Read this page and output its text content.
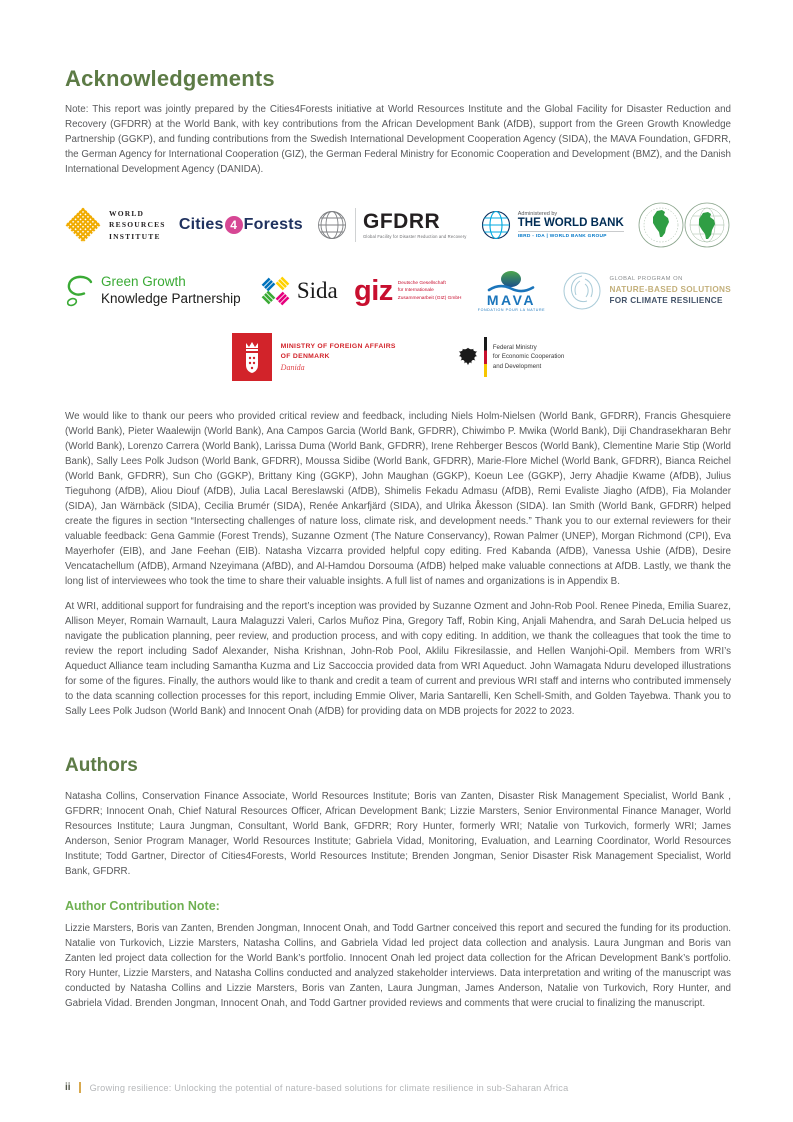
Acknowledgements

Note: This report was jointly prepared by the Cities4Forests initiative at World Resources Institute and the Global Facility for Disaster Reduction and Recovery (GFDRR) at the World Bank, with key contributions from the African Development Bank (AfDB), support from the Green Growth Knowledge Partnership (GGKP), and funding contributions from the Swedish International Development Cooperation Agency (SIDA), the MAVA Foundation, GFDRR, the German Agency for International Cooperation (GIZ), the German Federal Ministry for Economic Cooperation and Development (BMZ), and the Danish International Development Agency (DANIDA).

WORLD
RESOURCES
INSTITUTE
Cities 4 Forests	GFDRR
Global Facility for Disaster Reduction and Recovery
Administered by
THE WORLD BANK
IBRD - IDA | WORLD BANK GROUP
Green Growth
Knowledge Partnership Sida giz Deutsche Gesellschaft
für Internationale
Zusammenarbeit (GIZ) GmbH MAVA
FONDATION POUR LA NATURE
GLOBAL PROGRAM ON
NATURE-BASED SOLUTIONS
FOR CLIMATE RESILIENCE
MINISTRY OF FOREIGN AFFAIRS
OF DENMARK
Danida
Federal Ministry
for Economic Cooperation
and Development

We would like to thank our peers who provided critical review and feedback, including Niels Holm-Nielsen (World Bank, GFDRR), Francis Ghesquiere (World Bank), Pieter Waalewijn (World Bank), Ana Campos Garcia (World Bank, GFDRR), Chiwimbo P. Mwika (World Bank), Diji Chandrasekharan Behr (World Bank), Lorenzo Carrera (World Bank), Larissa Duma (World Bank, GFDRR), Irene Rehberger Bescos (World Bank), Clementine Marie Stip (World Bank), Sally Lees Polk Judson (World Bank, GFDRR), Moussa Sidibe (World Bank, GFDRR), Marie-Flore Michel (World Bank, GFDRR), Bianca Reichel (World Bank, GFDRR), Sun Cho (GGKP), Brittany King (GGKP), John Maughan (GGKP), Koeun Lee (GGKP), Jerry Ahadjie Kwame (AfDB), Julius Tieguhong (AfDB), Aliou Diouf (AfDB), Julia Lacal Bereslawski (AfDB), Shimelis Fekadu Admasu (AfDB), Remi Evaliste Jiagho (AfDB), Fia Molander (SIDA), Jan Wärnbäck (SIDA), Cecilia Brumér (SIDA), Renée Ankarfjärd (SIDA), and Ulrika Åkesson (SIDA). Ian Smith (World Bank, GFDRR) helped create the figures in section “Intersecting challenges of nature loss, climate risk, and development needs.” Thank you to our external reviewers for their valuable feedback: Gena Gammie (Forest Trends), Suzanne Ozment (The Nature Conservancy), Rowan Palmer (UNEP), Morgan Richmond (CPI), Eva Mayerhofer (EIB), and Jane Feehan (EIB). Natasha Vizcarra provided helpful copy editing. Fred Kabanda (AfDB), Vanessa Ushie (AfDB), Desire Vencatachellum (AfDB), Armand Nzeyimana (AfBD), and Al-Hamdou Dorsouma (AfDB) helped make valuable connections at AfDB. Lastly, we thank the long list of interviewees who took the time to share their valuable insights. A full list of names and organizations is in Appendix B.

At WRI, additional support for fundraising and the report’s inception was provided by Suzanne Ozment and John-Rob Pool. Renee Pineda, Emilia Suarez, Allison Meyer, Romain Warnault, Laura Malaguzzi Valeri, Carlos Muñoz Pina, Gregory Taff, Robin King, Anjali Mahendra, and Sarah DeLucia helped us navigate the publication planning, peer review, and production process, and with copy editing. In addition, we thank the colleagues that took the time to review the report including Sadof Alexander, Nisha Krishnan, John-Rob Pool, Aklilu Fikresilassie, and Hellen Wanjohi-Opil. Members from WRI’s Aqueduct Alliance team including Samantha Kuzma and Liz Saccoccia provided data from WRI Aqueduct. John Wamagata Nduru developed illustrations for some of the figures. Finally, the authors would like to thank and credit a team of current and previous WRI staff and interns who contributed immensely to the data scanning collection processes for this report, including Emmie Oliver, Maria Santarelli, Ken Schell-Smith, and Golden Tayebwa. Thank you to Sally Lees Polk Judson (World Bank) and Innocent Onah (AfDB) for providing data on MDB projects for 2022 to 2023.

Authors

Natasha Collins, Conservation Finance Associate, World Resources Institute; Boris van Zanten, Disaster Risk Management Specialist, World Bank , GFDRR; Innocent Onah, Chief Natural Resources Officer, African Development Bank; Lizzie Marsters, Senior Environmental Finance Manager, World Resources Institute; Laura Jungman, Consultant, World Bank, GFDRR; Rory Hunter, formerly WRI; Natalie von Turkovich, formerly WRI; James Anderson, Senior Program Manager, World Resources Institute; Gabriela Vidad, Monitoring, Evaluation, and Learning Coordinator, World Resources Institute; Todd Gartner, Director of Cities4Forests, World Resources Institute; Brenden Jongman, Senior Disaster Risk Management Specialist, World Bank, GFDRR.

Author Contribution Note:

Lizzie Marsters, Boris van Zanten, Brenden Jongman, Innocent Onah, and Todd Gartner conceived this report and secured the funding for its production. Natalie von Turkovich, Lizzie Marsters, Natasha Collins, and Gabriela Vidad led project data collection and analysis. Laura Jungman and Boris van Zanten led project data collection for the World Bank’s portfolio. Innocent Onah led project data collection for the African Development Bank’s portfolio. Rory Hunter, Lizzie Marsters, and Natasha Collins conducted and analyzed stakeholder interviews. Data interpretation and writing of the manuscript was conducted by Natasha Collins and Lizzie Marsters, Boris van Zanten, Laura Jungman, James Anderson, Natalie von Turkovich, Rory Hunter, and Gabriela Vidad. Brenden Jongman, Innocent Onah, and Todd Gartner provided reviews and comments that were crucial to finalizing the manuscript.

ii Growing resilience: Unlocking the potential of nature-based solutions for climate resilience in sub-Saharan Africa
